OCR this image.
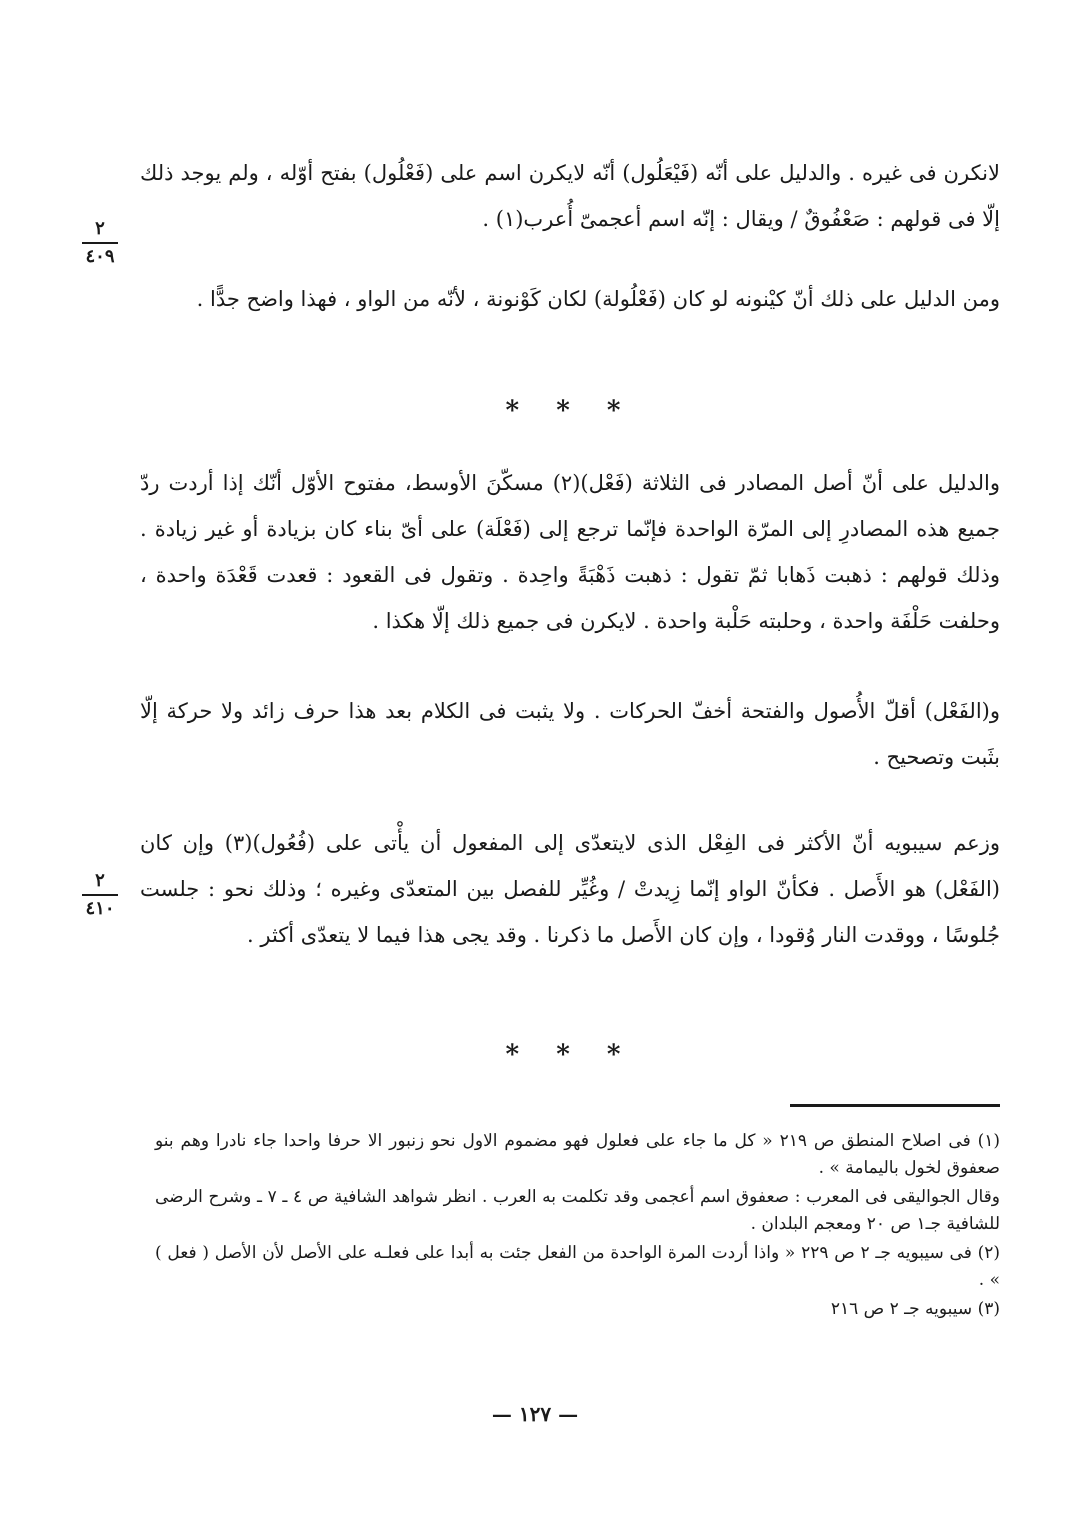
لانكرن فى غيره . والدليل على أنّه (فَيْعَلُول) أنّه لايكرن اسم على (فَعْلُول) بفتح أوّله ، ولم يوجد ذلك إلّا فى قولهم : صَعْفُوقٌ / ويقال : إنّه اسم أعجمىّ أُعرب(١) .

٢
٤٠٩

ومن الدليل على ذلك أنّ كيْنونه لو كان (فَعْلُولة) لكان كَوْنونة ، لأنّه من الواو ، فهذا واضح جدًّا .

* * *

والدليل على أنّ أصل المصادر فى الثلاثة (فَعْل)(٢) مسكّنَ الأوسط، مفتوح الأوّل أنّك إذا أردت ردّ جميع هذه المصادرِ إلى المرّة الواحدة فإنّما ترجع إلى (فَعْلَة) على أىّ بناء كان بزيادة أو غير زيادة . وذلك قولهم : ذهبت ذَهابا ثمّ تقول : ذهبت ذَهْبَةً واحِدة . وتقول فى القعود : قعدت قَعْدَة واحدة ، وحلفت حَلْفَة واحدة ، وحلبته حَلْبة واحدة . لايكرن فى جميع ذلك إلّا هكذا .

و(الفَعْل) أقلّ الأُصول والفتحة أخفّ الحركات . ولا يثبت فى الكلام بعد هذا حرف زائد ولا حركة إلّا بثَبت وتصحيح .

وزعم سيبويه أنّ الأكثر فى الفِعْل الذى لايتعدّى إلى المفعول أن يأْتى على (فُعُول)(٣) وإن كان (الفَعْل) هو الأَصل . فكأنّ الواو إنّما زِيدتْ / وغُيِّر للفصل بين المتعدّى وغيره ؛ وذلك نحو : جلست جُلوسًا ، ووقدت النار وُقودا ، وإن كان الأَصل ما ذكرنا . وقد يجى هذا فيما لا يتعدّى أكثر .

٢
٤١٠
* * *

(١) فى اصلاح المنطق ص ٢١٩ « كل ما جاء على فعلول فهو مضموم الاول نحو زنبور الا حرفا واحدا جاء نادرا وهم بنو صعفوق لخول باليمامة » .

وقال الجواليقى فى المعرب : صعفوق اسم أعجمى وقد تكلمت به العرب . انظر شواهد الشافية ص ٤ ـ ٧ ـ وشرح الرضى للشافية جـ١ ص ٢٠ ومعجم البلدان .

(٢) فى سيبويه جـ ٢ ص ٢٢٩ « واذا أردت المرة الواحدة من الفعل جئت به أبدا على فعلـه على الأصل لأن الأصل ( فعل ) » .

(٣) سيبويه جـ ٢ ص ٢١٦

— ١٢٧ —
